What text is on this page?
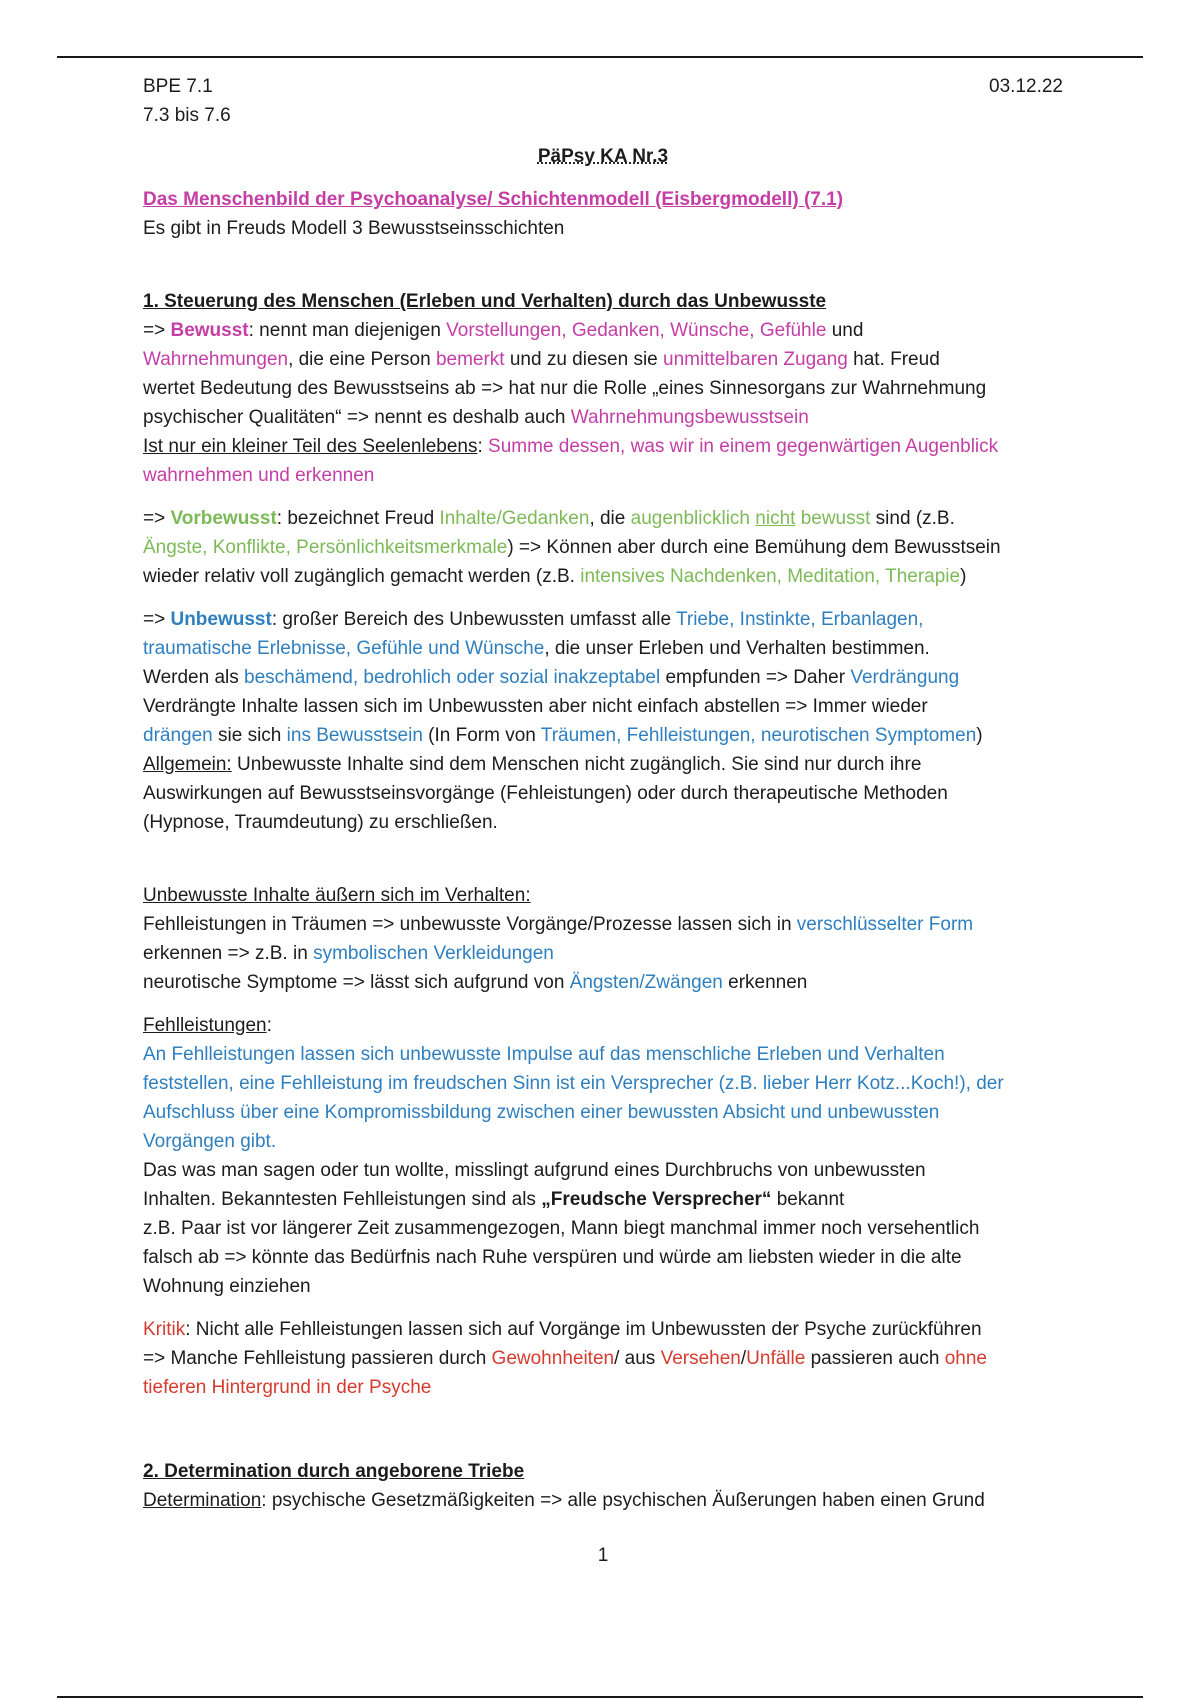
BPE 7.1

7.3 bis 7.6

03.12.22

PäPsy KA Nr.3

Das Menschenbild der Psychoanalyse/ Schichtenmodell (Eisbergmodell) (7.1)

Es gibt in Freuds Modell 3 Bewusstseinsschichten

1. Steuerung des Menschen (Erleben und Verhalten) durch das Unbewusste

=> Bewusst: nennt man diejenigen Vorstellungen, Gedanken, Wünsche, Gefühle und

Wahrnehmungen, die eine Person bemerkt und zu diesen sie unmittelbaren Zugang hat. Freud

wertet Bedeutung des Bewusstseins ab => hat nur die Rolle „eines Sinnesorgans zur Wahrnehmung

psychischer Qualitäten“ => nennt es deshalb auch Wahrnehmungsbewusstsein

Ist nur ein kleiner Teil des Seelenlebens: Summe dessen, was wir in einem gegenwärtigen Augenblick

wahrnehmen und erkennen

=> Vorbewusst: bezeichnet Freud Inhalte/Gedanken, die augenblicklich nicht bewusst sind (z.B.

Ängste, Konflikte, Persönlichkeitsmerkmale) => Können aber durch eine Bemühung dem Bewusstsein

wieder relativ voll zugänglich gemacht werden (z.B. intensives Nachdenken, Meditation, Therapie)

=> Unbewusst: großer Bereich des Unbewussten umfasst alle Triebe, Instinkte, Erbanlagen,

traumatische Erlebnisse, Gefühle und Wünsche, die unser Erleben und Verhalten bestimmen.

Werden als beschämend, bedrohlich oder sozial inakzeptabel empfunden => Daher Verdrängung

Verdrängte Inhalte lassen sich im Unbewussten aber nicht einfach abstellen => Immer wieder

drängen sie sich ins Bewusstsein (In Form von Träumen, Fehlleistungen, neurotischen Symptomen)

Allgemein: Unbewusste Inhalte sind dem Menschen nicht zugänglich. Sie sind nur durch ihre

Auswirkungen auf Bewusstseinsvorgänge (Fehleistungen) oder durch therapeutische Methoden

(Hypnose, Traumdeutung) zu erschließen.

Unbewusste Inhalte äußern sich im Verhalten:

Fehlleistungen in Träumen => unbewusste Vorgänge/Prozesse lassen sich in verschlüsselter Form

erkennen => z.B. in symbolischen Verkleidungen

neurotische Symptome => lässt sich aufgrund von Ängsten/Zwängen erkennen

Fehlleistungen:

An Fehlleistungen lassen sich unbewusste Impulse auf das menschliche Erleben und Verhalten

feststellen, eine Fehlleistung im freudschen Sinn ist ein Versprecher (z.B. lieber Herr Kotz...Koch!), der

Aufschluss über eine Kompromissbildung zwischen einer bewussten Absicht und unbewussten

Vorgängen gibt.

Das was man sagen oder tun wollte, misslingt aufgrund eines Durchbruchs von unbewussten

Inhalten. Bekanntesten Fehlleistungen sind als „Freudsche Versprecher“ bekannt

z.B. Paar ist vor längerer Zeit zusammengezogen, Mann biegt manchmal immer noch versehentlich

falsch ab => könnte das Bedürfnis nach Ruhe verspüren und würde am liebsten wieder in die alte

Wohnung einziehen

Kritik: Nicht alle Fehlleistungen lassen sich auf Vorgänge im Unbewussten der Psyche zurückführen

=> Manche Fehlleistung passieren durch Gewohnheiten/ aus Versehen/Unfälle passieren auch ohne

tieferen Hintergrund in der Psyche

2. Determination durch angeborene Triebe

Determination: psychische Gesetzmäßigkeiten => alle psychischen Äußerungen haben einen Grund

1
